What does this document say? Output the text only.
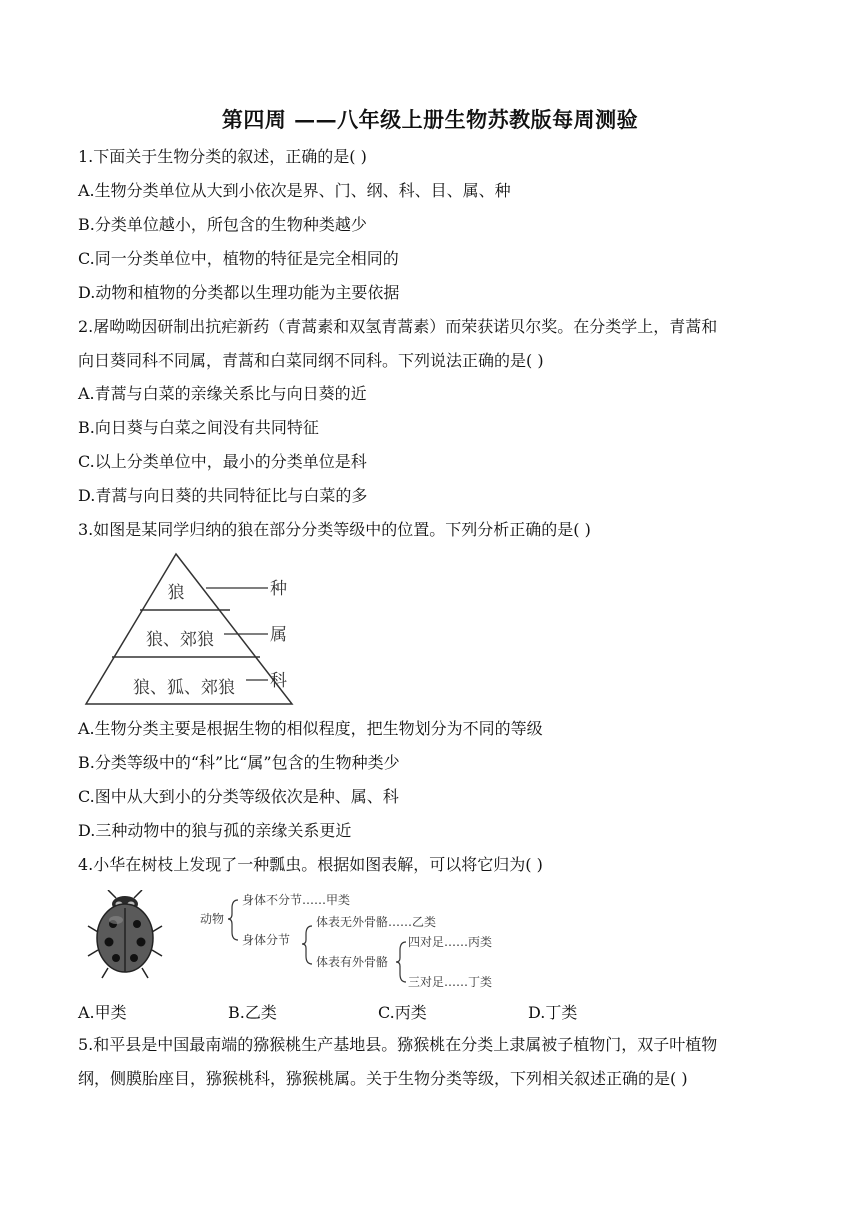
第四周 ——八年级上册生物苏教版每周测验
1.下面关于生物分类的叙述，正确的是( )
A.生物分类单位从大到小依次是界、门、纲、科、目、属、种
B.分类单位越小，所包含的生物种类越少
C.同一分类单位中，植物的特征是完全相同的
D.动物和植物的分类都以生理功能为主要依据
2.屠呦呦因研制出抗疟新药（青蒿素和双氢青蒿素）而荣获诺贝尔奖。在分类学上，青蒿和
向日葵同科不同属，青蒿和白菜同纲不同科。下列说法正确的是( )
A.青蒿与白菜的亲缘关系比与向日葵的近
B.向日葵与白菜之间没有共同特征
C.以上分类单位中，最小的分类单位是科
D.青蒿与向日葵的共同特征比与白菜的多
3.如图是某同学归纳的狼在部分分类等级中的位置。下列分析正确的是( )
狼
狼、郊狼
狼、狐、郊狼
种
属
科
A.生物分类主要是根据生物的相似程度，把生物划分为不同的等级
B.分类等级中的“科”比“属”包含的生物种类少
C.图中从大到小的分类等级依次是种、属、科
D.三种动物中的狼与孤的亲缘关系更近
4.小华在树枝上发现了一种瓢虫。根据如图表解，可以将它归为( )
动物
身体不分节……甲类
身体分节
体表无外骨骼……乙类
体表有外骨骼
四对足……丙类
三对足……丁类
A.甲类	B.乙类	C.丙类	D.丁类
5.和平县是中国最南端的猕猴桃生产基地县。猕猴桃在分类上隶属被子植物门，双子叶植物
纲，侧膜胎座目，猕猴桃科，猕猴桃属。关于生物分类等级，下列相关叙述正确的是( )
